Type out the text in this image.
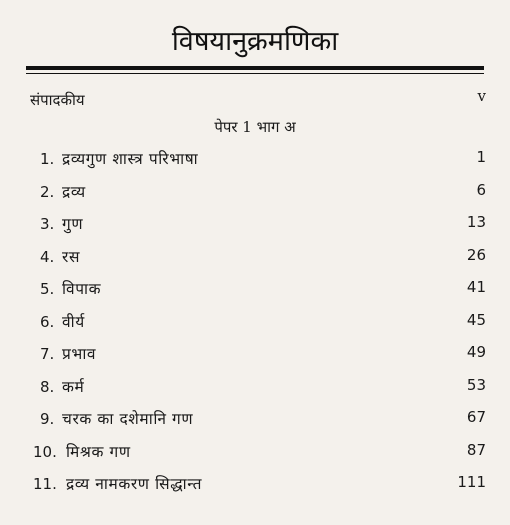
विषयानुक्रमणिका
संपादकीय	v
पेपर 1 भाग अ
1. द्रव्यगुण शास्त्र परिभाषा	1
2. द्रव्य	6
3. गुण	13
4. रस	26
5. विपाक	41
6. वीर्य	45
7. प्रभाव	49
8. कर्म	53
9. चरक का दशेमानि गण	67
10. मिश्रक गण	87
11. द्रव्य नामकरण सिद्धान्त	111
